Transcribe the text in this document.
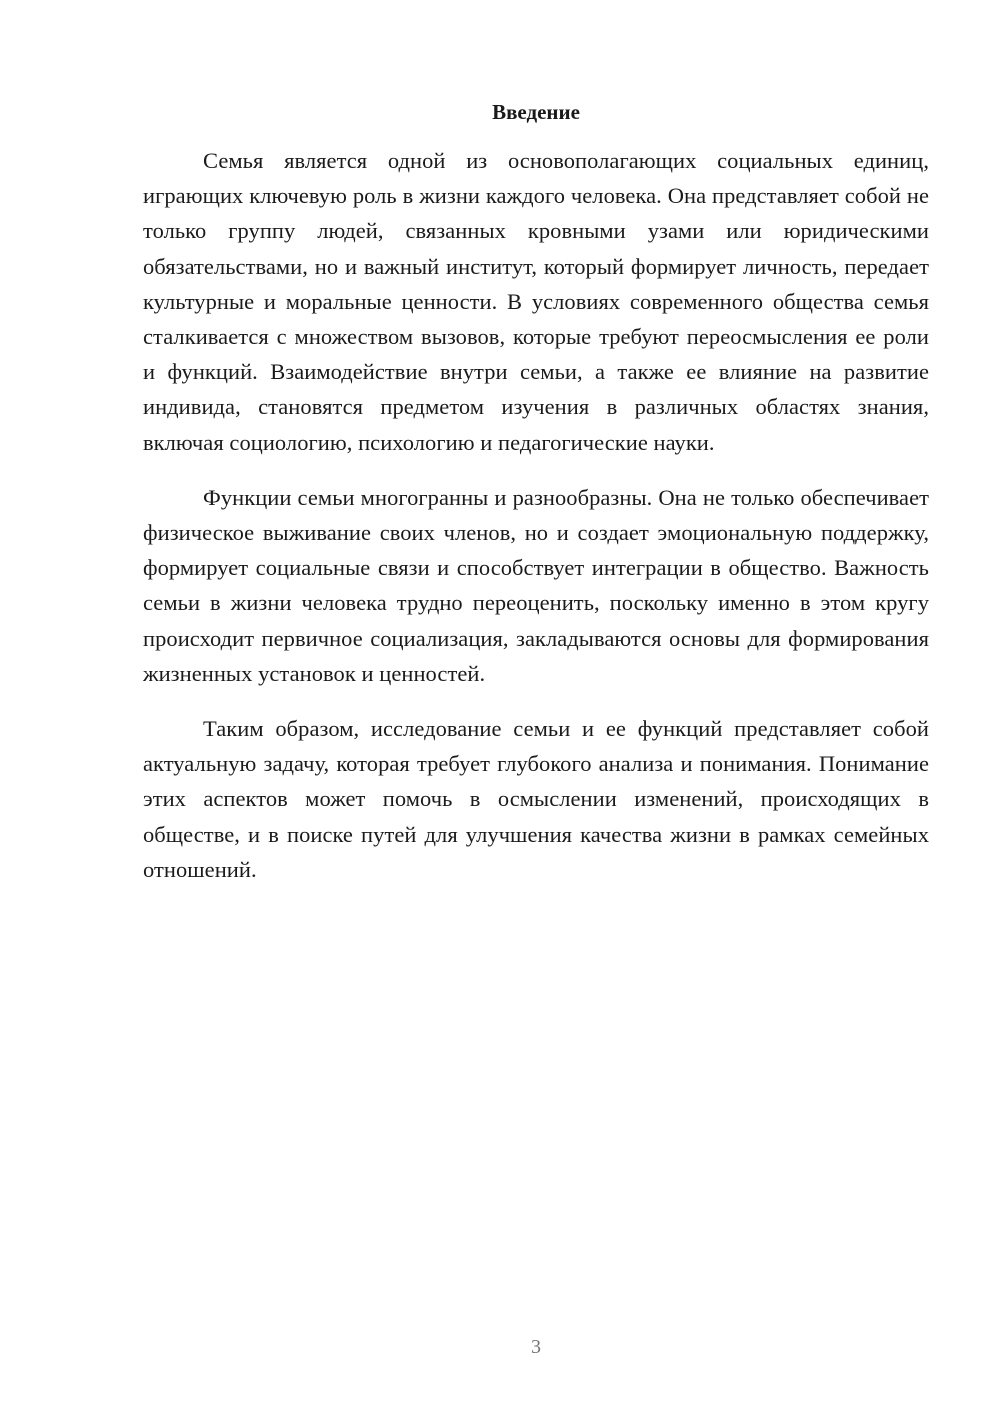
Введение

Семья является одной из основополагающих социальных единиц, играющих ключевую роль в жизни каждого человека. Она представляет собой не только группу людей, связанных кровными узами или юридическими обязательствами, но и важный институт, который формирует личность, передает культурные и моральные ценности. В условиях современного общества семья сталкивается с множеством вызовов, которые требуют переосмысления ее роли и функций. Взаимодействие внутри семьи, а также ее влияние на развитие индивида, становятся предметом изучения в различных областях знания, включая социологию, психологию и педагогические науки.

Функции семьи многогранны и разнообразны. Она не только обеспечивает физическое выживание своих членов, но и создает эмоциональную поддержку, формирует социальные связи и способствует интеграции в общество. Важность семьи в жизни человека трудно переоценить, поскольку именно в этом кругу происходит первичное социализация, закладываются основы для формирования жизненных установок и ценностей.

Таким образом, исследование семьи и ее функций представляет собой актуальную задачу, которая требует глубокого анализа и понимания. Понимание этих аспектов может помочь в осмыслении изменений, происходящих в обществе, и в поиске путей для улучшения качества жизни в рамках семейных отношений.

3
